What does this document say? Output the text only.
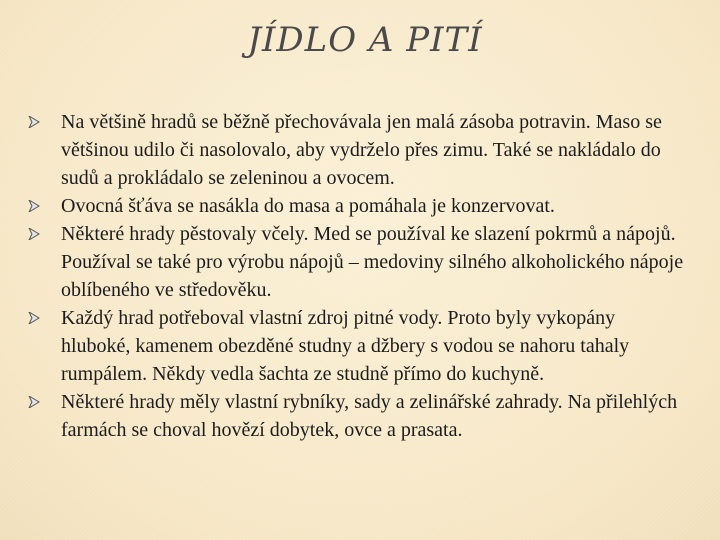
JÍDLO A PITÍ
Na většině hradů se běžně přechovávala jen malá zásoba potravin. Maso se většinou udilo či nasolovalo, aby vydrželo přes zimu. Také se nakládalo do sudů a prokládalo se zeleninou a ovocem.
Ovocná šťáva se nasákla do masa a pomáhala je konzervovat.
Některé hrady pěstovaly včely. Med se používal ke slazení pokrmů a nápojů. Používal se také pro výrobu nápojů – medoviny silného alkoholického nápoje oblíbeného ve středověku.
Každý hrad potřeboval vlastní zdroj pitné vody. Proto byly vykopány hluboké, kamenem obezděné studny a džbery s vodou se nahoru tahaly rumpálem. Někdy vedla šachta ze studně přímo do kuchyně.
Některé hrady měly vlastní rybníky, sady a zelinářské zahrady. Na přilehlých farmách se choval hovězí dobytek, ovce a prasata.
